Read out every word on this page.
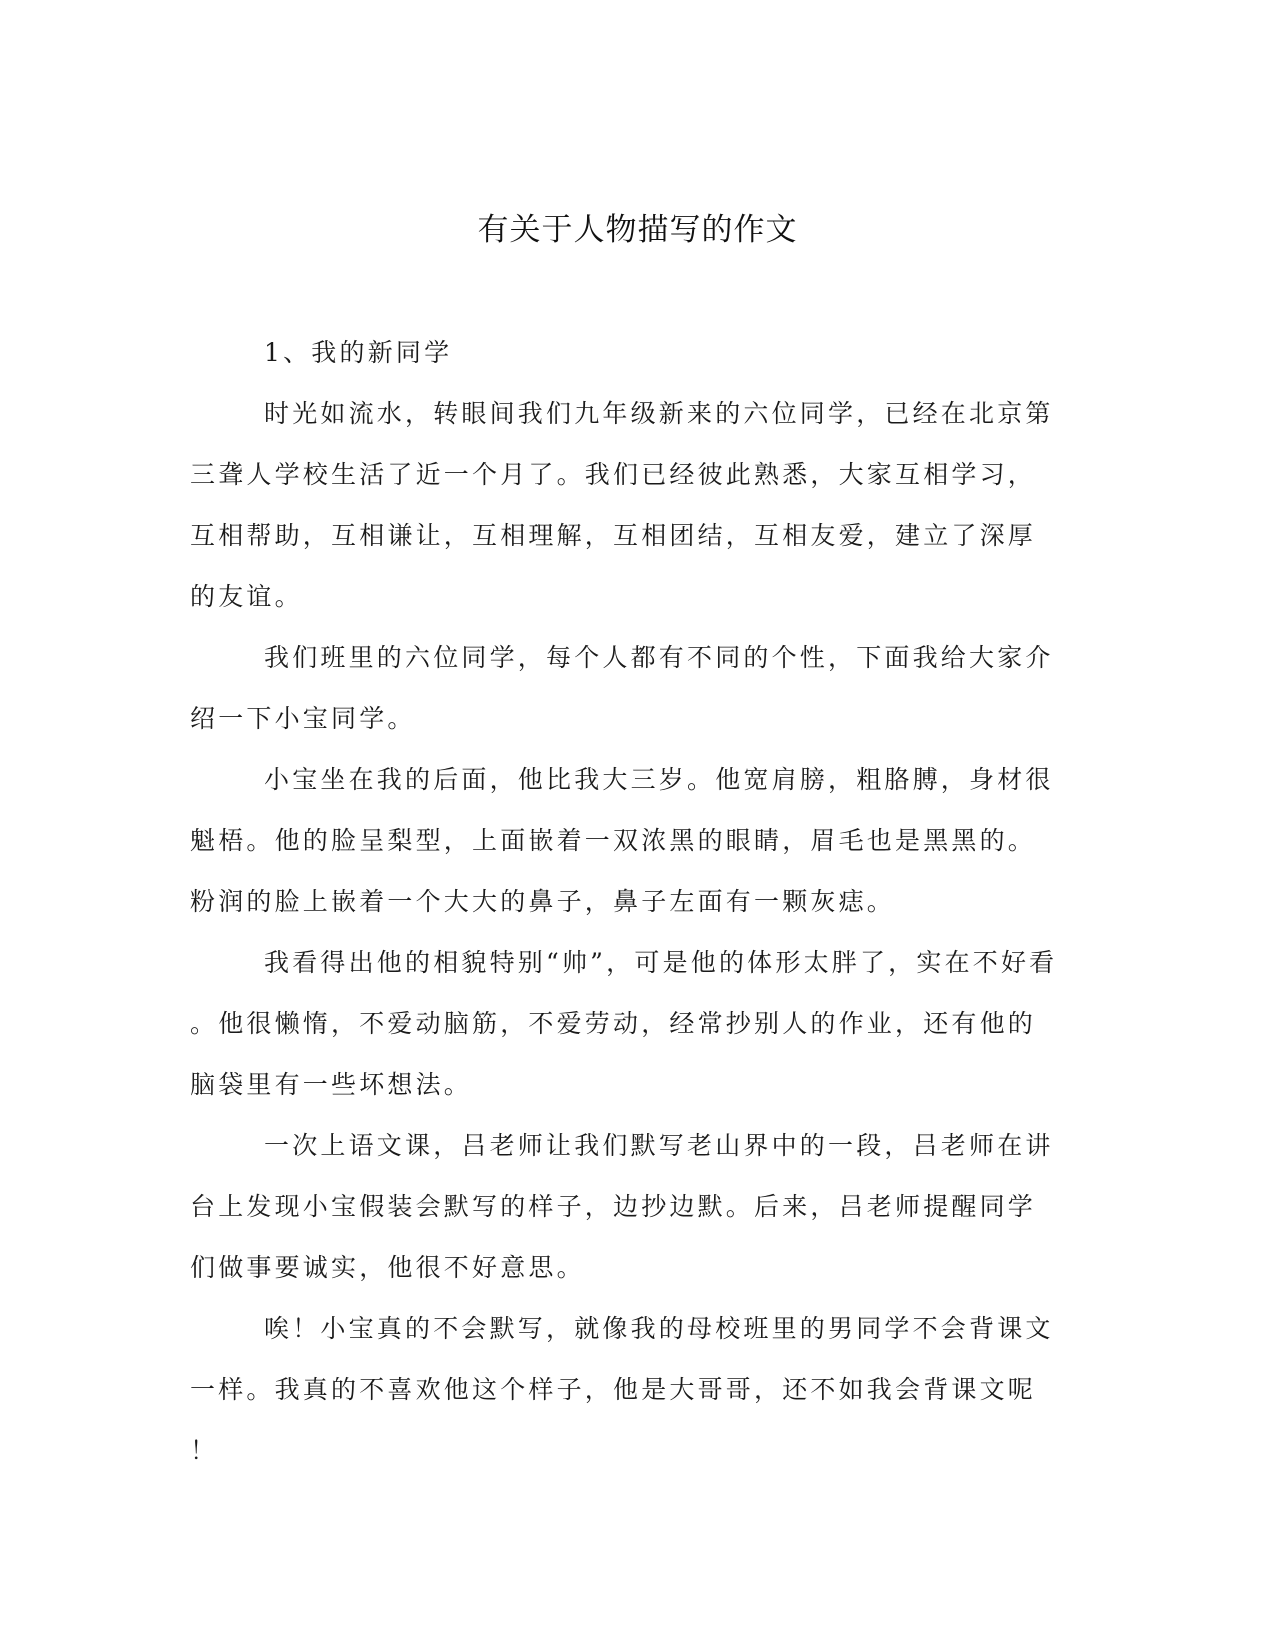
有关于人物描写的作文
1、我的新同学
时光如流水，转眼间我们九年级新来的六位同学，已经在北京第
三聋人学校生活了近一个月了。我们已经彼此熟悉，大家互相学习，
互相帮助，互相谦让，互相理解，互相团结，互相友爱，建立了深厚
的友谊。
我们班里的六位同学，每个人都有不同的个性，下面我给大家介
绍一下小宝同学。
小宝坐在我的后面，他比我大三岁。他宽肩膀，粗胳膊，身材很
魁梧。他的脸呈梨型，上面嵌着一双浓黑的眼睛，眉毛也是黑黑的。
粉润的脸上嵌着一个大大的鼻子，鼻子左面有一颗灰痣。
我看得出他的相貌特别“帅”，可是他的体形太胖了，实在不好看
。他很懒惰，不爱动脑筋，不爱劳动，经常抄别人的作业，还有他的
脑袋里有一些坏想法。
一次上语文课，吕老师让我们默写老山界中的一段，吕老师在讲
台上发现小宝假装会默写的样子，边抄边默。后来，吕老师提醒同学
们做事要诚实，他很不好意思。
唉！小宝真的不会默写，就像我的母校班里的男同学不会背课文
一样。我真的不喜欢他这个样子，他是大哥哥，还不如我会背课文呢
！
